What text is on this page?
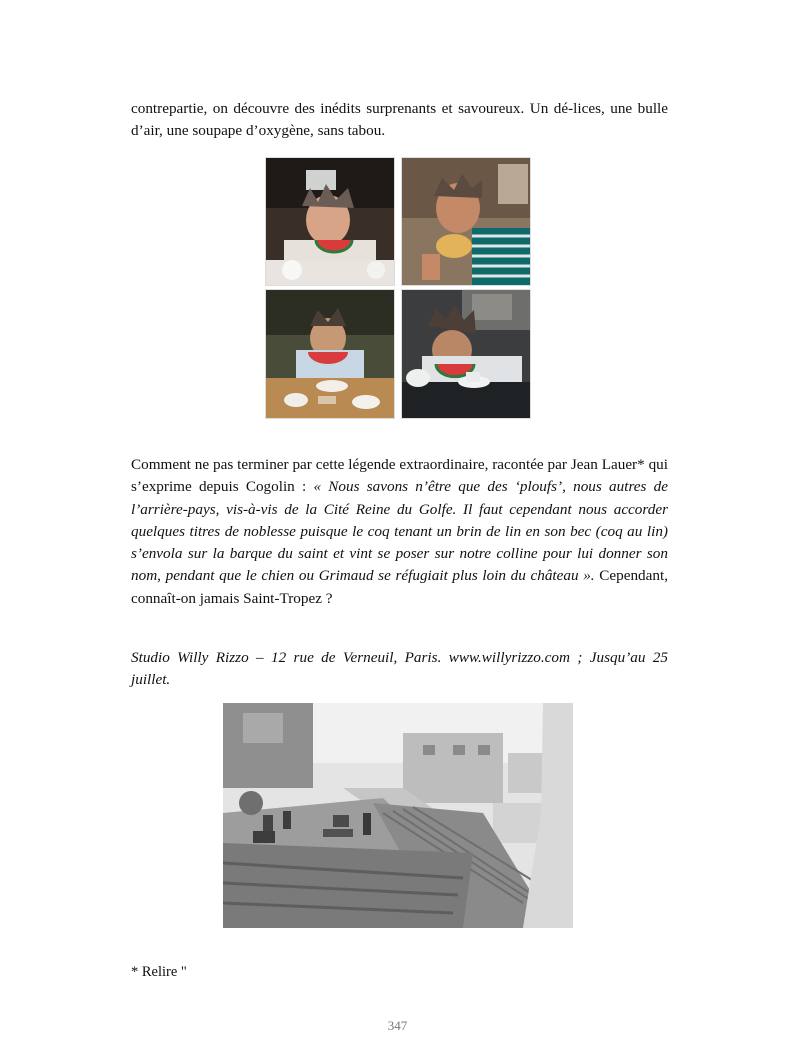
contrepartie, on découvre des inédits surprenants et savoureux. Un dé-lices, une bulle d’air, une soupape d’oxygène, sans tabou.

Comment ne pas terminer par cette légende extraordinaire, racontée par Jean Lauer* qui s’exprime depuis Cogolin : « Nous savons n’être que des ‘ploufs’, nous autres de l’arrière-pays, vis-à-vis de la Cité Reine du Golfe. Il faut cependant nous accorder quelques titres de noblesse puisque le coq tenant un brin de lin en son bec (coq au lin) s’envola sur la barque du saint et vint se poser sur notre colline pour lui donner son nom, pendant que le chien ou Grimaud se réfugiait plus loin du château ». Cependant, connaît-on jamais Saint-Tropez ?

Studio Willy Rizzo – 12 rue de Verneuil, Paris. www.willyrizzo.com ; Jusqu’au 25 juillet.

* Relire "

347
